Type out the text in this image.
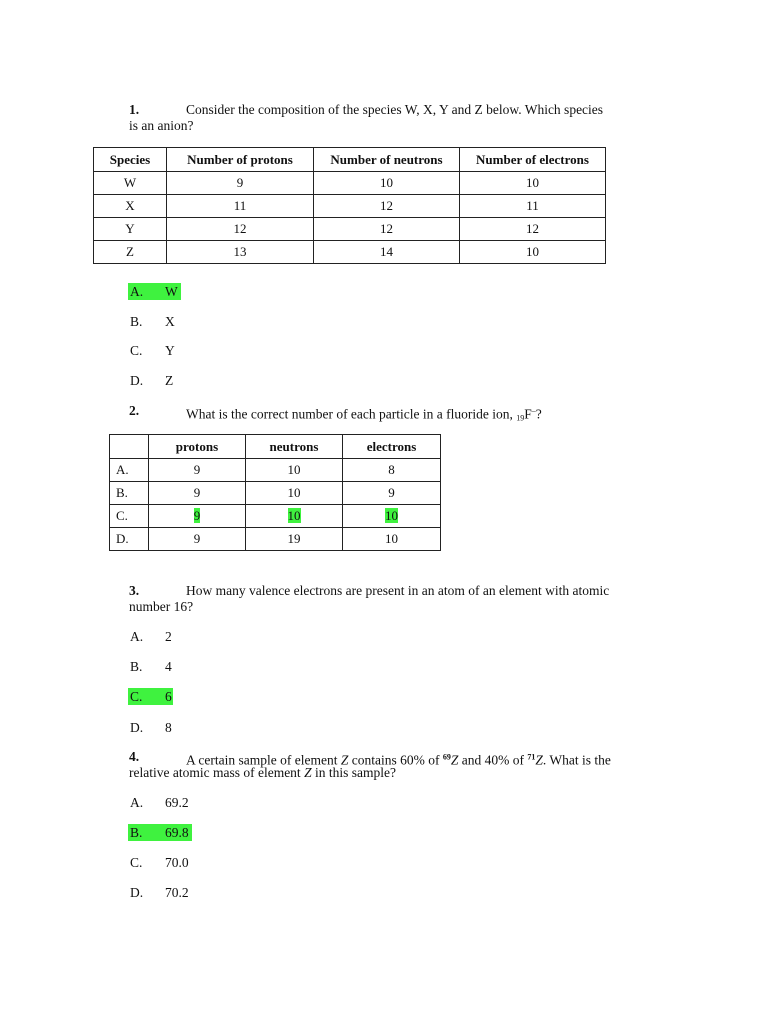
1.	Consider the composition of the species W, X, Y and Z below. Which species
is an anion?
Species	Number of protons	Number of neutrons	Number of electrons
W	9	10	10
X	11	12	11
Y	12	12	12
Z	13	14	10
A. W
B. X
C. Y
D. Z
2.	What is the correct number of each particle in a fluoride ion, $_{19}$F–?
	protons	neutrons	electrons
A.	9	10	8
B.	9	10	9
C.	9	10	10
D.	9	19	10
3.	How many valence electrons are present in an atom of an element with atomic
number 16?
A. 2
B. 4
C. 6
D. 8
4.	A certain sample of element Z contains 60% of $^{69}$Z and 40% of $^{71}$Z. What is the
relative atomic mass of element Z in this sample?
A. 69.2
B. 69.8
C. 70.0
D. 70.2
